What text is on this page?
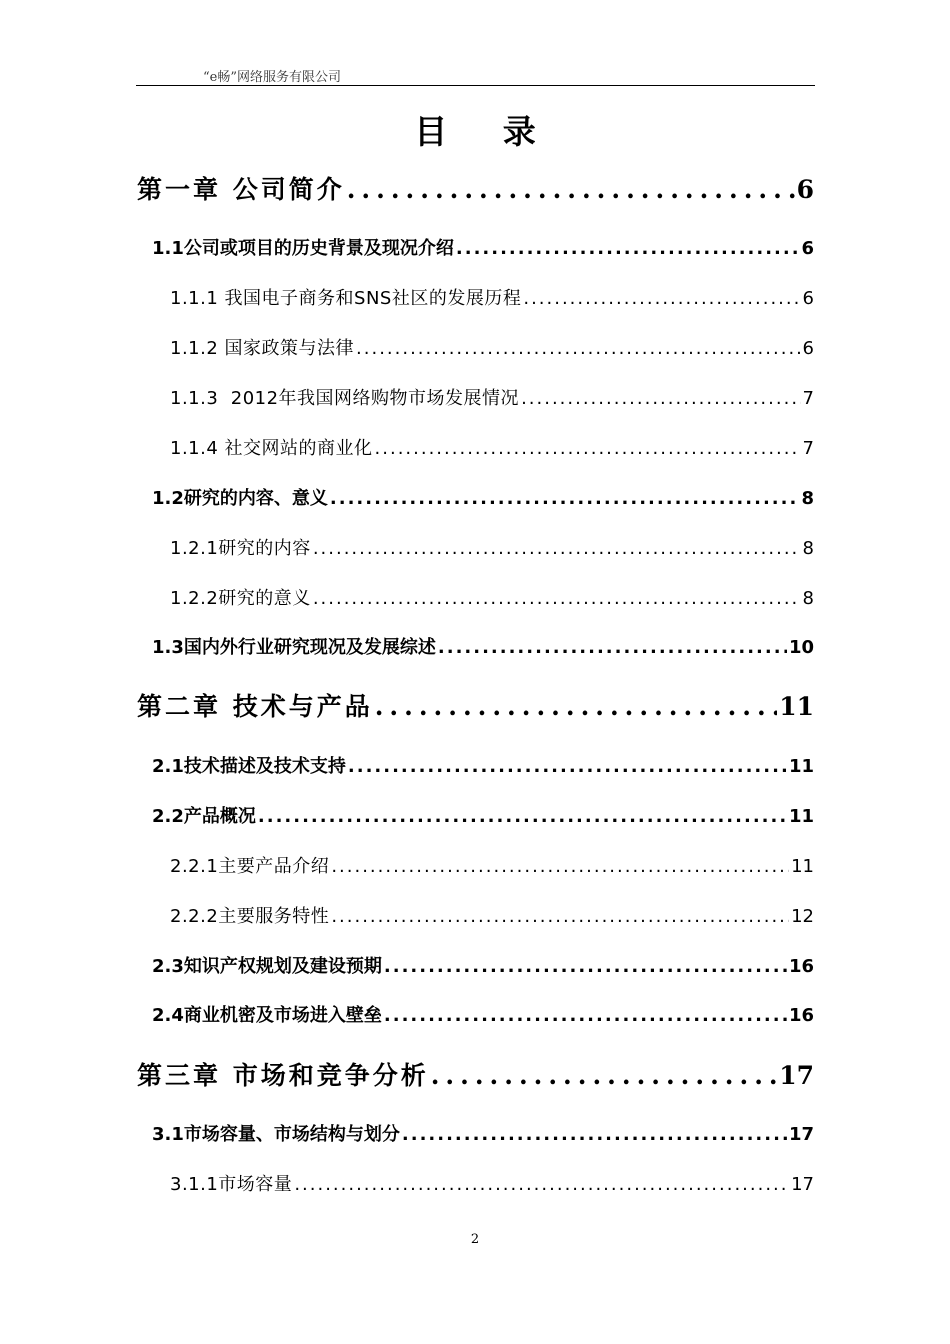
“e畅”网络服务有限公司
目 录
第一章 公司简介 .....	6
1.1公司或项目的历史背景及现况介绍 .....	6
1.1.1 我国电子商务和SNS社区的发展历程 .....	6
1.1.2 国家政策与法律 .....	6
1.1.3  2012年我国网络购物市场发展情况 .....	7
1.1.4 社交网站的商业化 .....	7
1.2研究的内容、意义 .....	8
1.2.1研究的内容 .....	8
1.2.2研究的意义 .....	8
1.3国内外行业研究现况及发展综述 .....	10
第二章 技术与产品 .....	11
2.1技术描述及技术支持 .....	11
2.2产品概况 .....	11
2.2.1主要产品介绍 .....	11
2.2.2主要服务特性 .....	12
2.3知识产权规划及建设预期 .....	16
2.4商业机密及市场进入壁垒 .....	16
第三章 市场和竞争分析 .....	17
3.1市场容量、市场结构与划分 .....	17
3.1.1市场容量 .....	17
2
